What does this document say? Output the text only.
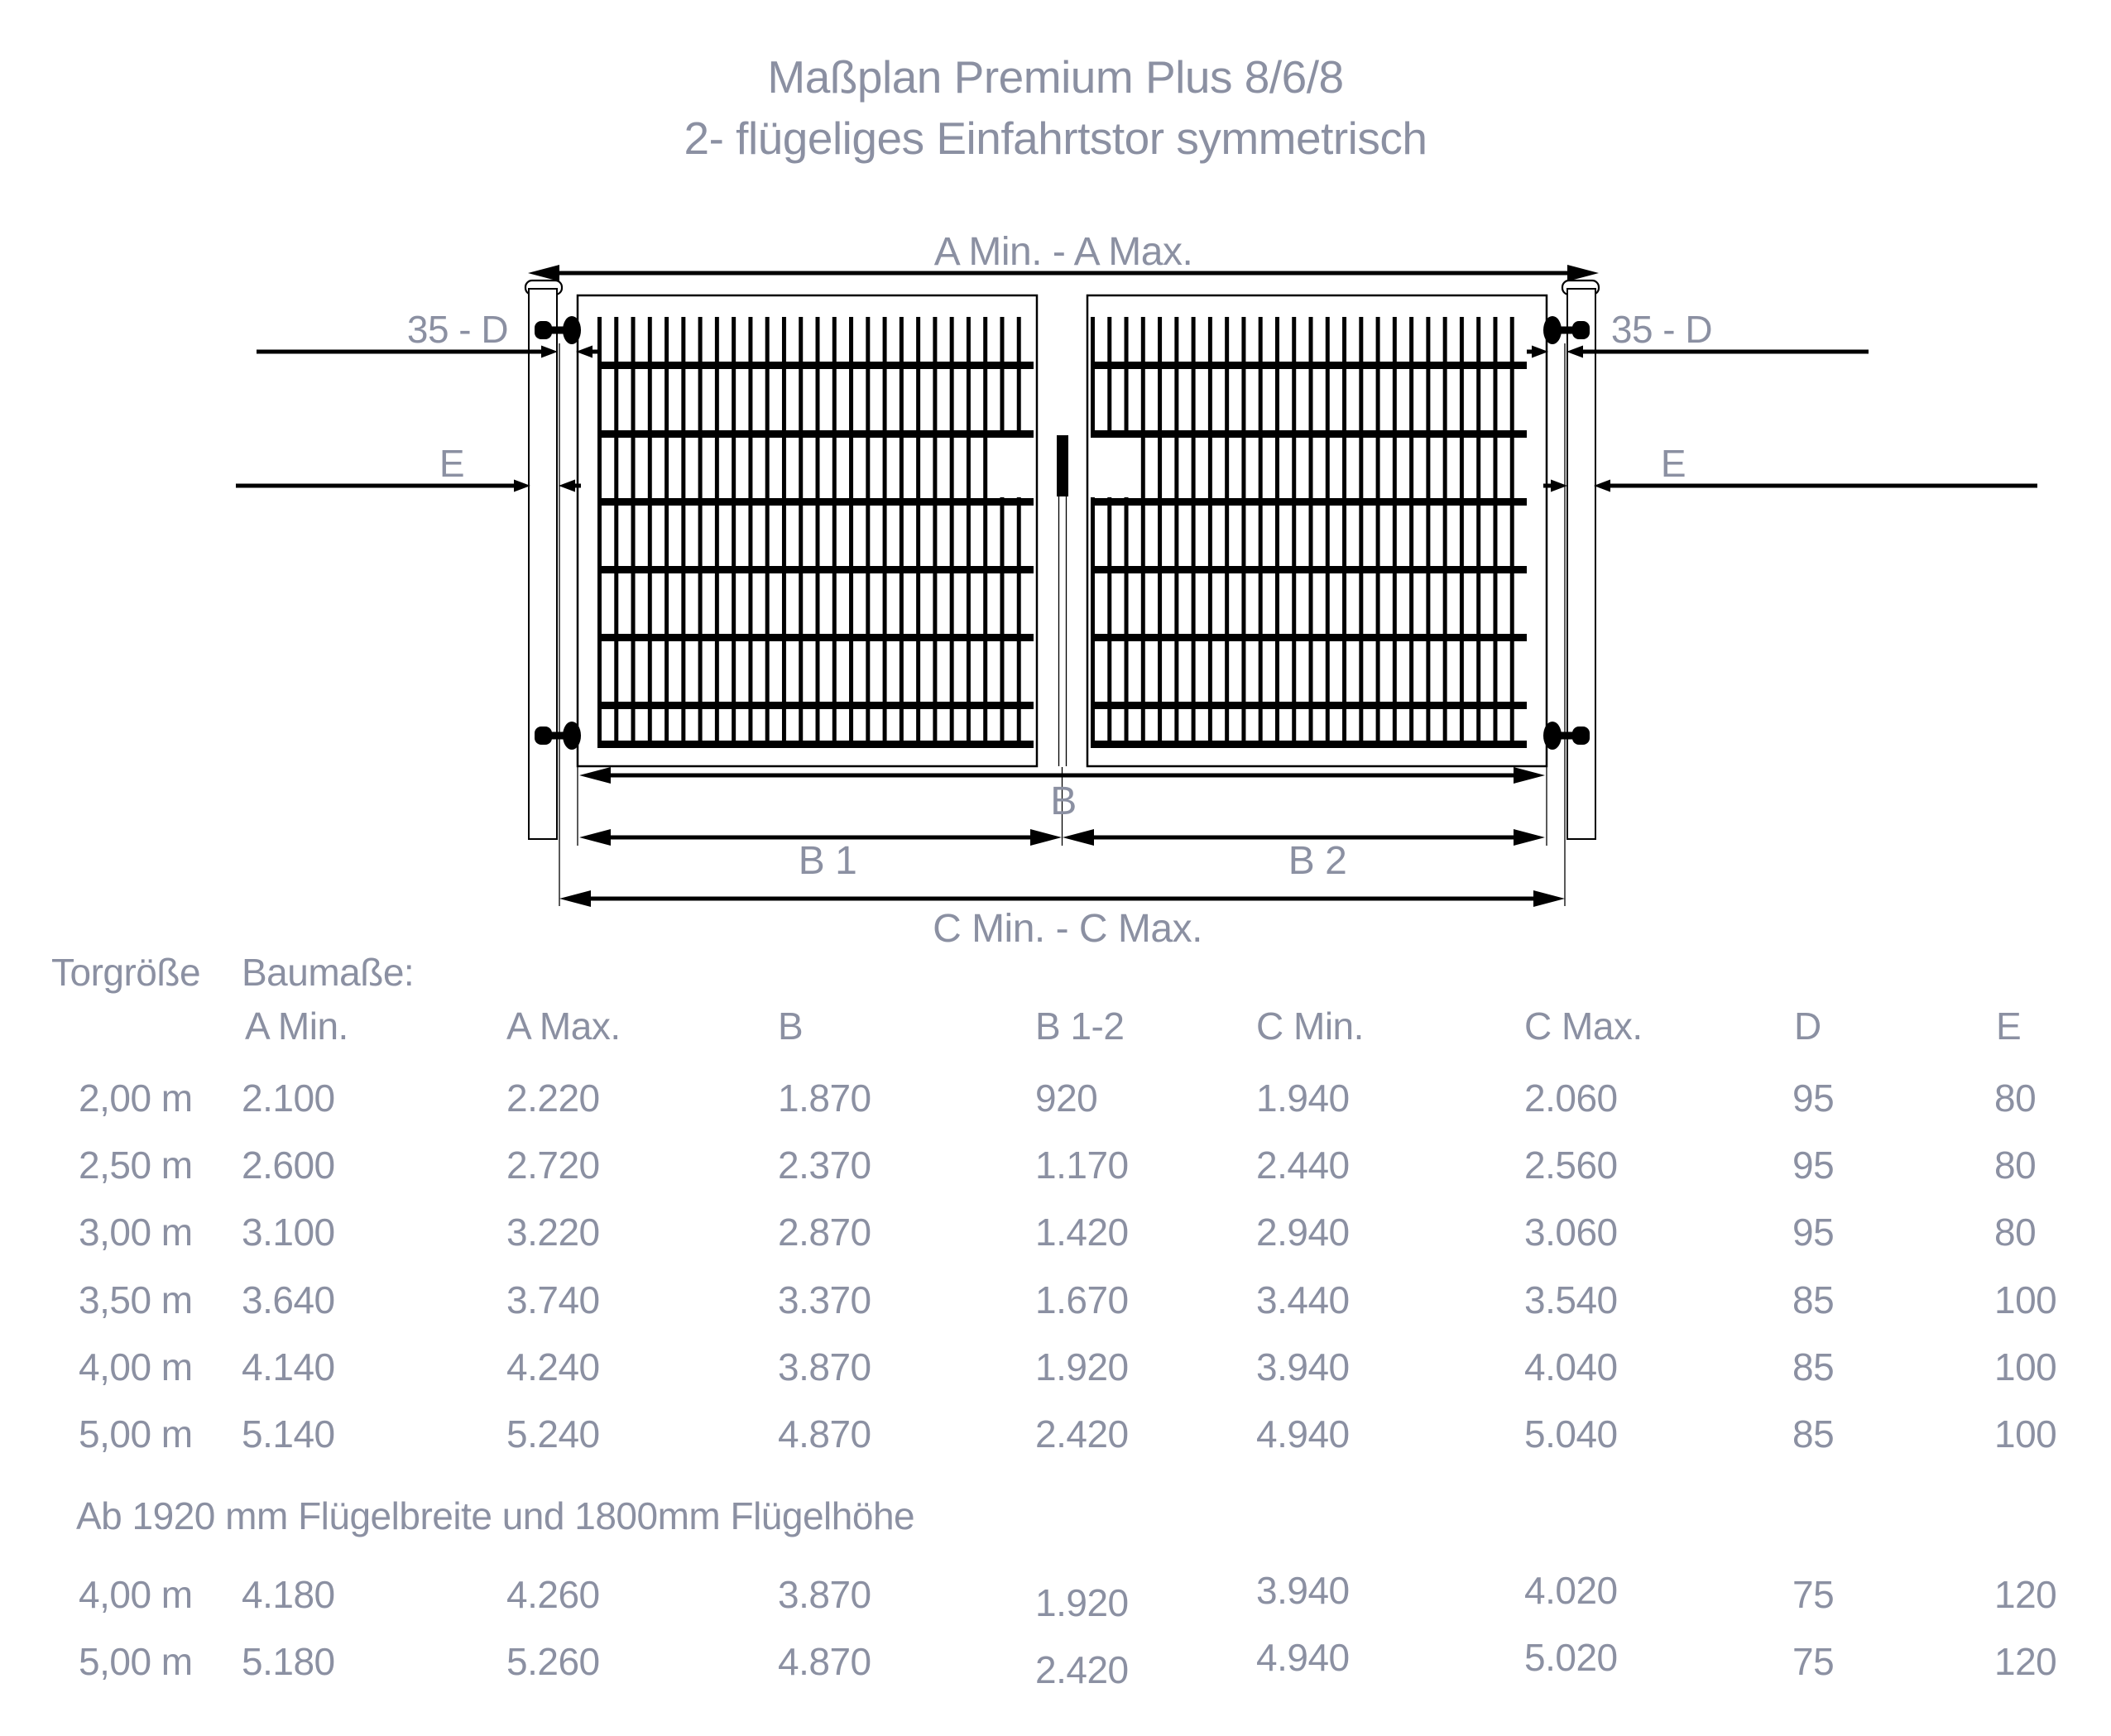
Maßplan Premium Plus 8/6/8
2- flügeliges Einfahrtstor symmetrisch
A Min. - A Max.
35 - D	35 - D
E	E
B
B 1	B 2
C Min. - C Max.
Torgröße Baumaße:
A Min.	A Max.	B	B 1-2	C Min.	C Max.	D	E
2,00 m 2.100	2.220	1.870	920	1.940	2.060	95	80
2,50 m 2.600	2.720	2.370	1.170	2.440	2.560	95	80
3,00 m 3.100	3.220	2.870	1.420	2.940	3.060	95	80
3,50 m 3.640	3.740	3.370	1.670	3.440	3.540	85	100
4,00 m 4.140	4.240	3.870	1.920	3.940	4.040	85	100
5,00 m 5.140	5.240	4.870	2.420	4.940	5.040	85	100
Ab 1920 mm Flügelbreite und 1800mm Flügelhöhe
4,00 m 4.180	4.260	3.870	1.920	3.940	4.020	75	120
5,00 m 5.180	5.260	4.870	2.420	4.940	5.020	75	120
